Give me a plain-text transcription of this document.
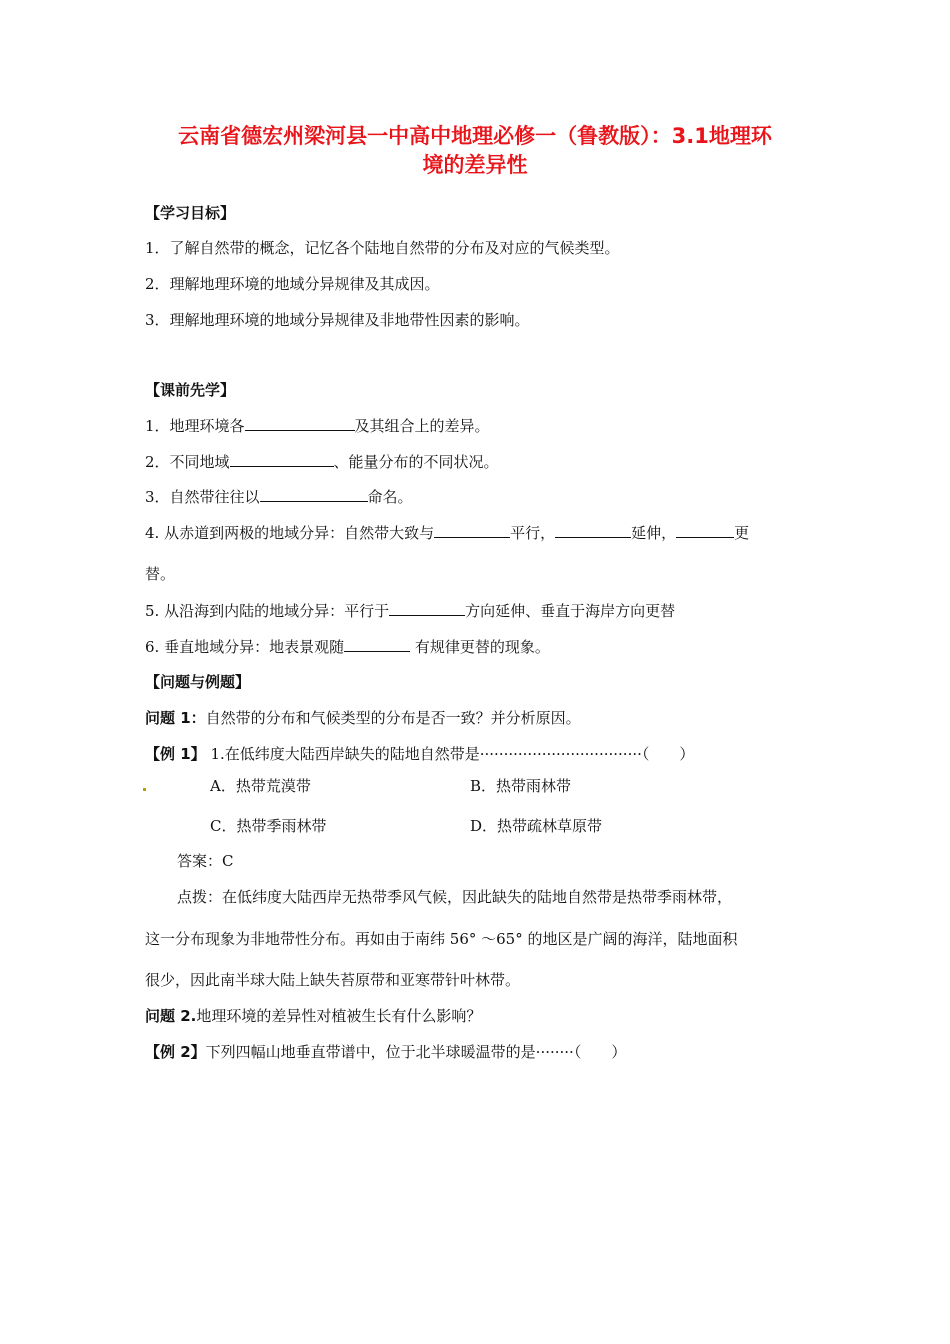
云南省德宏州梁河县一中高中地理必修一（鲁教版）：3.1地理环
境的差异性
【学习目标】
1．了解自然带的概念，记忆各个陆地自然带的分布及对应的气候类型。
2．理解地理环境的地域分异规律及其成因。
3．理解地理环境的地域分异规律及非地带性因素的影响。
【课前先学】
1．地理环境各	及其组合上的差异。
2．不同地域	、能量分布的不同状况。
3．自然带往往以	命名。
4. 从赤道到两极的地域分异：自然带大致与	平行，	延伸，	更
替。
5. 从沿海到内陆的地域分异：平行于	方向延伸、垂直于海岸方向更替
6. 垂直地域分异：地表景观随	有规律更替的现象。
【问题与例题】
问题 1：自然带的分布和气候类型的分布是否一致？并分析原因。
【例 1】 1.在低纬度大陆西岸缺失的陆地自然带是··································（　　）
A．热带荒漠带	B．热带雨林带
C．热带季雨林带	D．热带疏林草原带
答案：C
点拨：在低纬度大陆西岸无热带季风气候，因此缺失的陆地自然带是热带季雨林带，
这一分布现象为非地带性分布。再如由于南纬 56° ～65° 的地区是广阔的海洋，陆地面积
很少，因此南半球大陆上缺失苔原带和亚寒带针叶林带。
问题 2.地理环境的差异性对植被生长有什么影响？
【例 2】下列四幅山地垂直带谱中，位于北半球暖温带的是········（　　）
